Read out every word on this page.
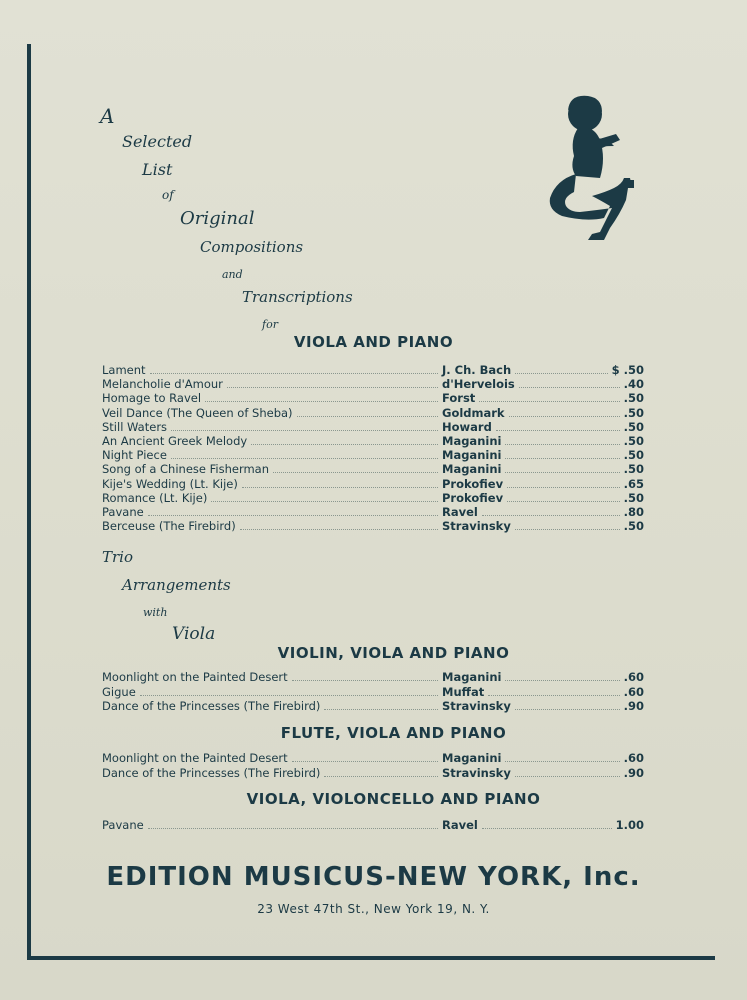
A
Selected
List
of
Original
Compositions
and
Transcriptions
for
VIOLA AND PIANO
Lament	J. Ch. Bach	$ .50
Melancholie d'Amour	d'Hervelois	.40
Homage to Ravel	Forst	.50
Veil Dance (The Queen of Sheba)	Goldmark	.50
Still Waters	Howard	.50
An Ancient Greek Melody	Maganini	.50
Night Piece	Maganini	.50
Song of a Chinese Fisherman	Maganini	.50
Kije's Wedding (Lt. Kije)	Prokofiev	.65
Romance (Lt. Kije)	Prokofiev	.50
Pavane	Ravel	.80
Berceuse (The Firebird)	Stravinsky	.50
Trio
Arrangements
with
Viola
VIOLIN, VIOLA AND PIANO
Moonlight on the Painted Desert	Maganini	.60
Gigue	Muffat	.60
Dance of the Princesses (The Firebird)	Stravinsky	.90
FLUTE, VIOLA AND PIANO
Moonlight on the Painted Desert	Maganini	.60
Dance of the Princesses (The Firebird)	Stravinsky	.90
VIOLA, VIOLONCELLO AND PIANO
Pavane	Ravel	1.00
EDITION MUSICUS-NEW YORK, Inc.
23 West 47th St., New York 19, N. Y.
